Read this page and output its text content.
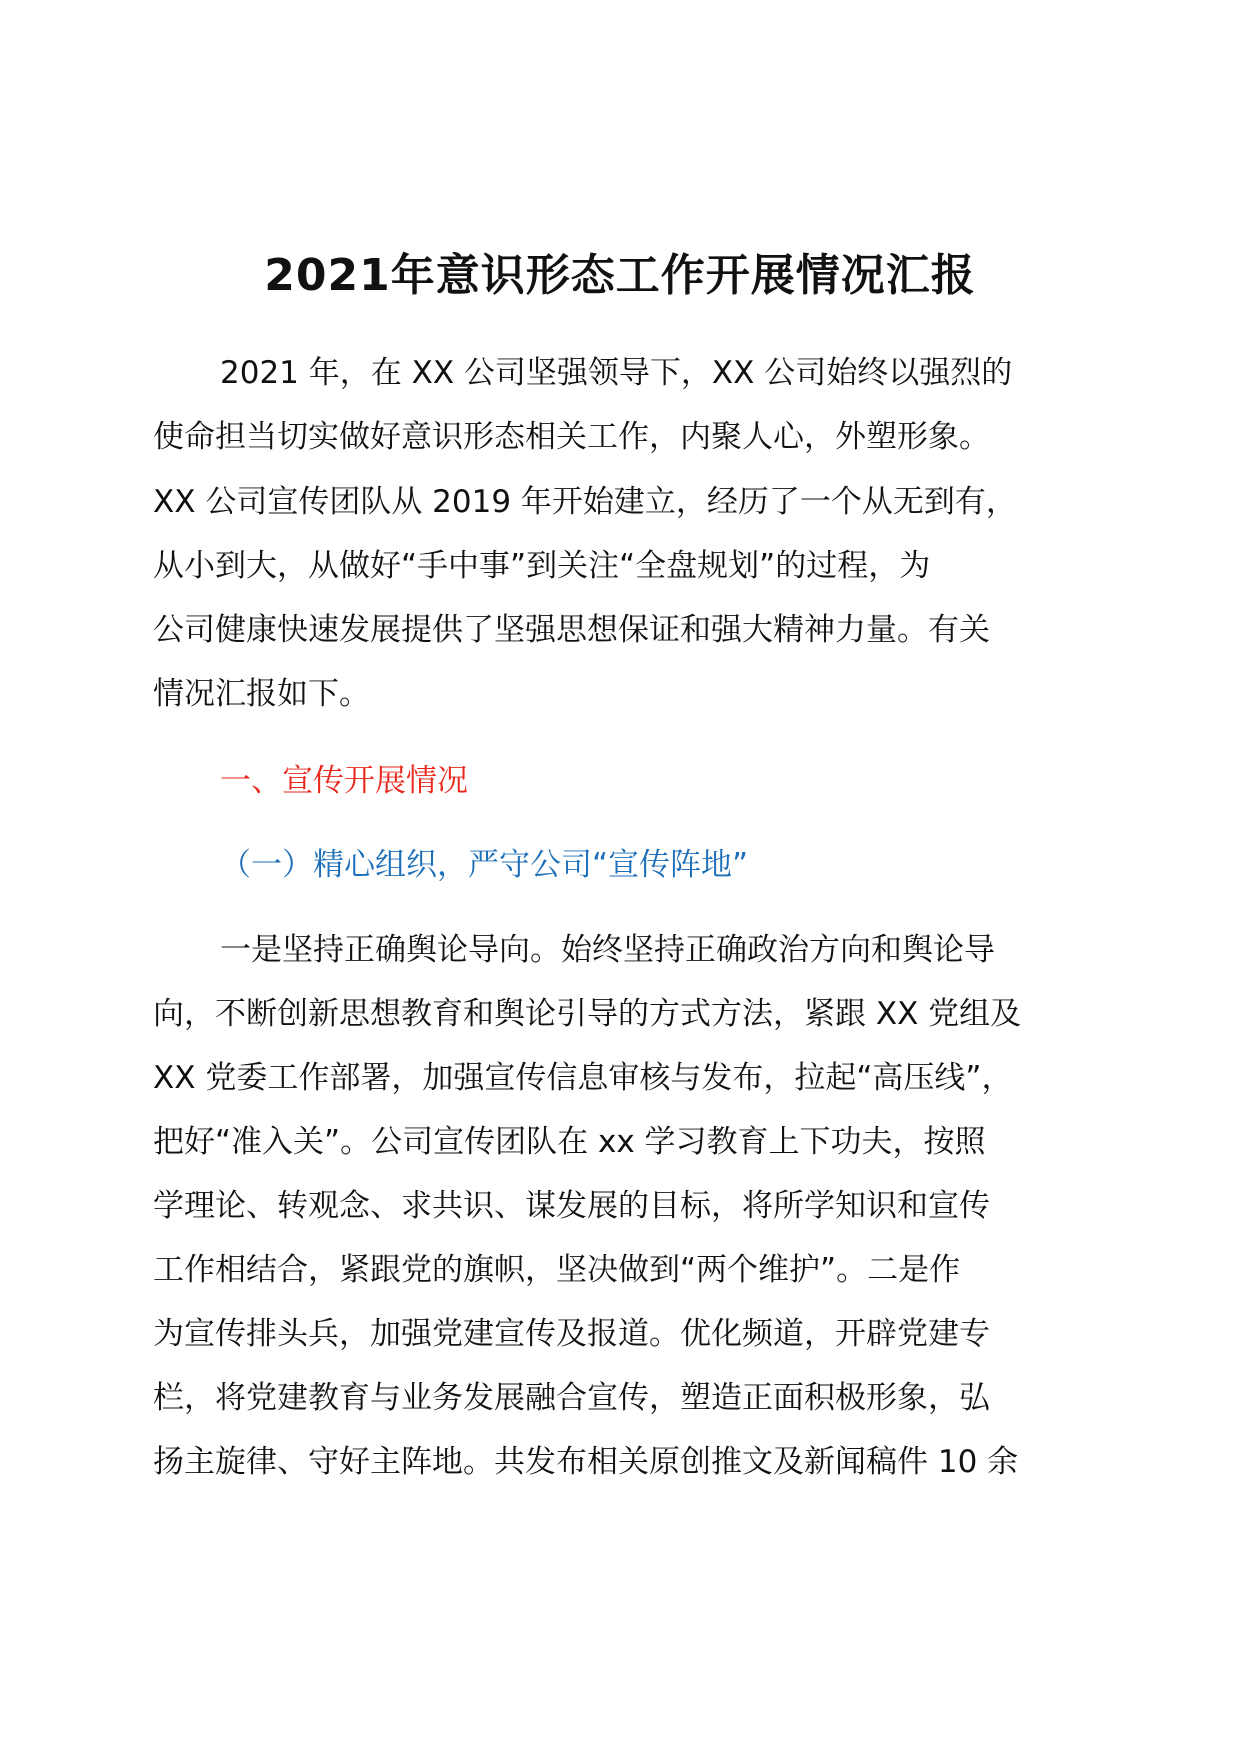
2021年意识形态工作开展情况汇报

2021 年，在 XX 公司坚强领导下，XX 公司始终以强烈的

使命担当切实做好意识形态相关工作，内聚人心，外塑形象。

XX 公司宣传团队从 2019 年开始建立，经历了一个从无到有，

从小到大，从做好“手中事”到关注“全盘规划”的过程，为

公司健康快速发展提供了坚强思想保证和强大精神力量。有关

情况汇报如下。

一、宣传开展情况

（一）精心组织，严守公司“宣传阵地”

一是坚持正确舆论导向。始终坚持正确政治方向和舆论导

向，不断创新思想教育和舆论引导的方式方法，紧跟 XX 党组及

XX 党委工作部署，加强宣传信息审核与发布，拉起“高压线”，

把好“准入关”。公司宣传团队在 xx 学习教育上下功夫，按照

学理论、转观念、求共识、谋发展的目标，将所学知识和宣传

工作相结合，紧跟党的旗帜，坚决做到“两个维护”。二是作

为宣传排头兵，加强党建宣传及报道。优化频道，开辟党建专

栏，将党建教育与业务发展融合宣传，塑造正面积极形象，弘

扬主旋律、守好主阵地。共发布相关原创推文及新闻稿件 10 余
